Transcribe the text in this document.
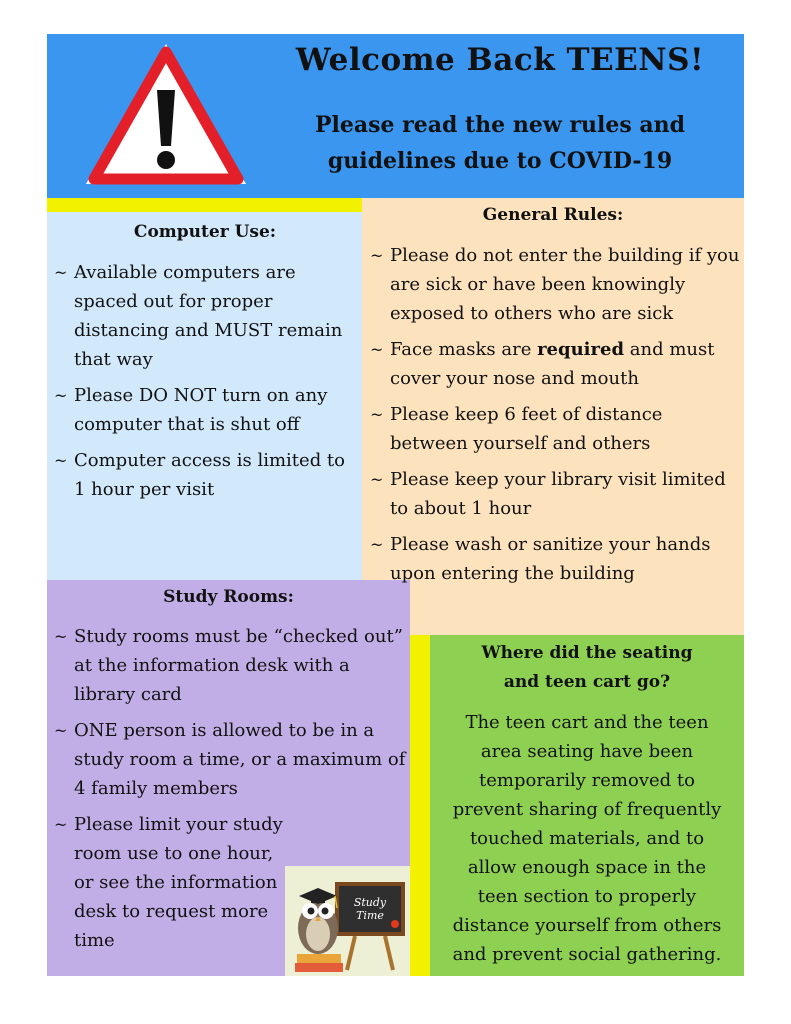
Welcome Back TEENS!
Please read the new rules and
guidelines due to COVID-19
Computer Use:
~ Available computers are spaced out for proper distancing and MUST remain that way
~ Please DO NOT turn on any computer that is shut off
~ Computer access is limited to 1 hour per visit
General Rules:
~ Please do not enter the building if you are sick or have been knowingly exposed to others who are sick
~ Face masks are required and must cover your nose and mouth
~ Please keep 6 feet of distance between yourself and others
~ Please keep your library visit limited to about 1 hour
~ Please wash or sanitize your hands upon entering the building
Study Rooms:
~ Study rooms must be “checked out” at the information desk with a library card
~ ONE person is allowed to be in a study room a time, or a maximum of 4 family members
~ Please limit your study room use to one hour, or see the information desk to request more time
Study
Time
Where did the seating
and teen cart go?
The teen cart and the teen
area seating have been
temporarily removed to
prevent sharing of frequently
touched materials, and to
allow enough space in the
teen section to properly
distance yourself from others
and prevent social gathering.
